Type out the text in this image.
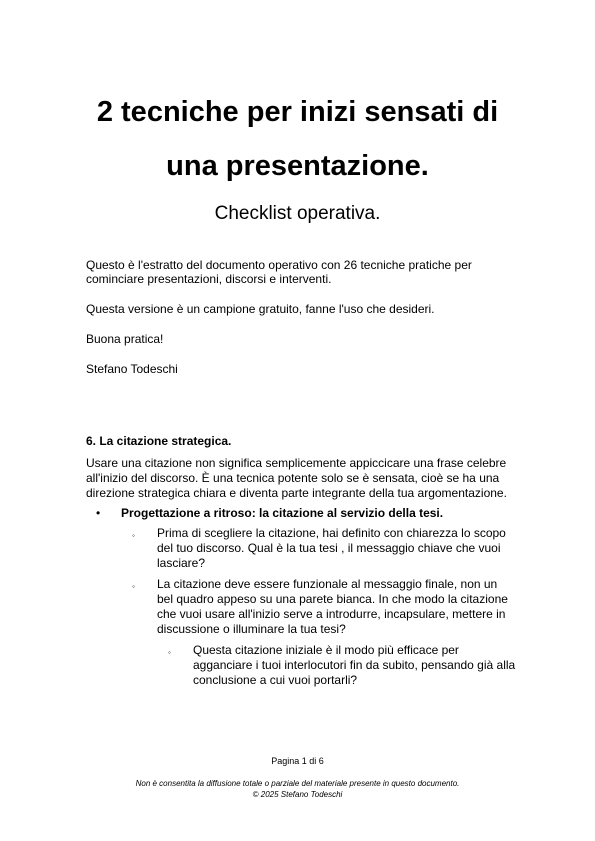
2 tecniche per inizi sensati di
una presentazione.
Checklist operativa.

Questo è l'estratto del documento operativo con 26 tecniche pratiche per cominciare presentazioni, discorsi e interventi.

Questa versione è un campione gratuito, fanne l'uso che desideri.

Buona pratica!

Stefano Todeschi

6. La citazione strategica.

Usare una citazione non significa semplicemente appiccicare una frase celebre all'inizio del discorso. È una tecnica potente solo se è sensata, cioè se ha una direzione strategica chiara e diventa parte integrante della tua argomentazione.

• Progettazione a ritroso: la citazione al servizio della tesi.
◦ Prima di scegliere la citazione, hai definito con chiarezza lo scopo del tuo discorso. Qual è la tua tesi , il messaggio chiave che vuoi lasciare?
◦ La citazione deve essere funzionale al messaggio finale, non un bel quadro appeso su una parete bianca. In che modo la citazione che vuoi usare all'inizio serve a introdurre, incapsulare, mettere in discussione o illuminare la tua tesi?
◦ Questa citazione iniziale è il modo più efficace per agganciare i tuoi interlocutori fin da subito, pensando già alla conclusione a cui vuoi portarli?
Pagina 1 di 6
Non è consentita la diffusione totale o parziale del materiale presente in questo documento.
© 2025 Stefano Todeschi
